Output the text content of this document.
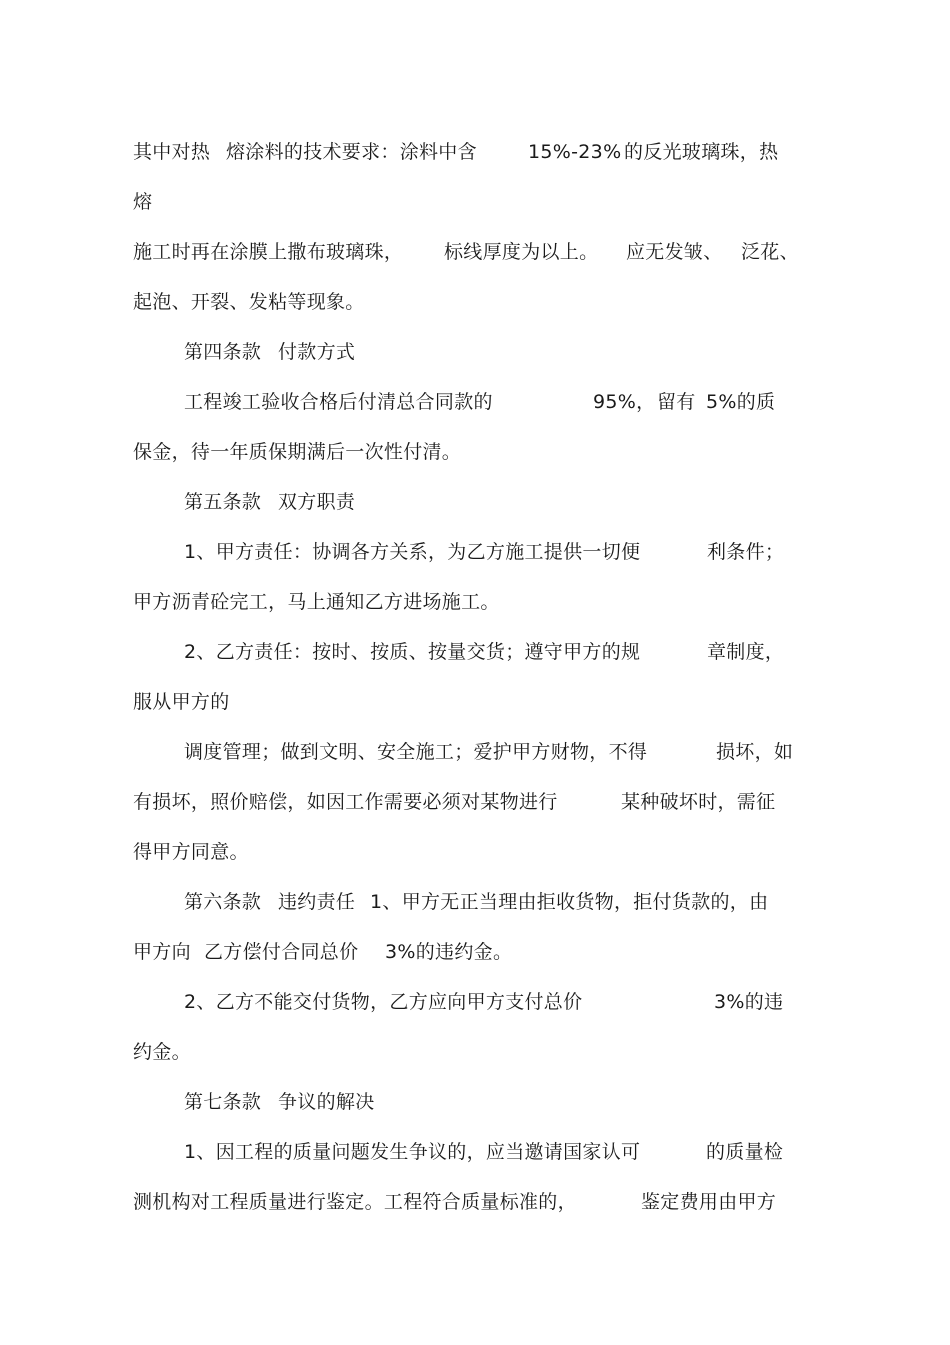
其中对热 熔涂料的技术要求：涂料中含	15%-23% 的反光玻璃珠，热
熔
施工时再在涂膜上撒布玻璃珠， 标线厚度为以上。 应无发皱、 泛花、
起泡、开裂、发粘等现象。
第四条款 付款方式
工程竣工验收合格后付清总合同款的	95%， 留有 5%的质
保金，待一年质保期满后一次性付清。
第五条款 双方职责
1、甲方责任：协调各方关系，为乙方施工提供一切便	利条件；
甲方沥青砼完工，马上通知乙方进场施工。
2、乙方责任：按时、按质、按量交货；遵守甲方的规	章制度，
服从甲方的
调度管理；做到文明、安全施工；爱护甲方财物，不得	损坏，如
有损坏，照价赔偿，如因工作需要必须对某物进行	某种破坏时，需征
得甲方同意。
第六条款 违约责任 1、甲方无正当理由拒收货物，拒付货款的，由
甲方向 乙方偿付合同总价 3%的违约金。
2、乙方不能交付货物，乙方应向甲方支付总价	3%的违
约金。
第七条款 争议的解决
1、因工程的质量问题发生争议的，应当邀请国家认可	的质量检
测机构对工程质量进行鉴定。工程符合质量标准的，	鉴定费用由甲方
